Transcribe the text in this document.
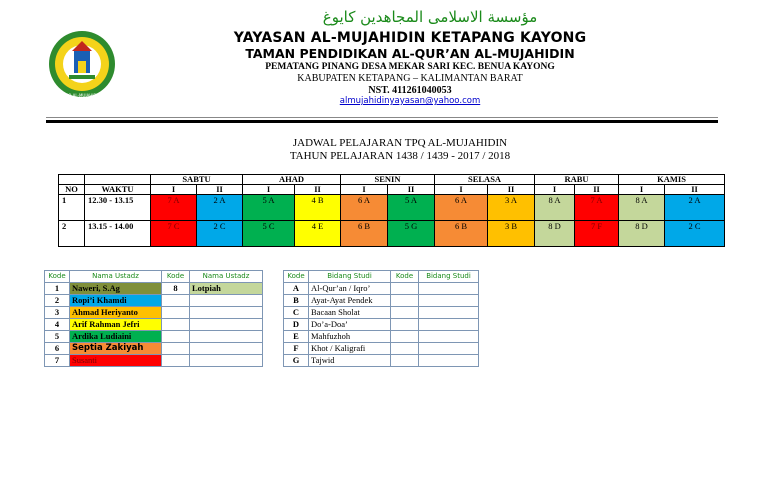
TPQ AL-MUJAHIDIN
مؤسسة الاسلامى المجاهدين كايوغ
YAYASAN AL-MUJAHIDIN KETAPANG KAYONG
TAMAN PENDIDIKAN AL-QUR’AN AL-MUJAHIDIN
PEMATANG PINANG DESA MEKAR SARI KEC. BENUA KAYONG
KABUPATEN KETAPANG – KALIMANTAN BARAT
NST. 411261040053
almujahidinyayasan@yahoo.com
JADWAL PELAJARAN TPQ AL-MUJAHIDIN
TAHUN PELAJARAN 1438 / 1439 - 2017 / 2018
		SABTU		AHAD		SENIN		SELASA		RABU		KAMIS	
NO	WAKTU	I	II	I	II	I	II	I	II	I	II	I	II
1	12.30 - 13.15	7 A	2 A	5 A	4 B	6 A	5 A	6 A	3 A	8 A	7 A	8 A	2 A
2	13.15 - 14.00	7 C	2 C	5 C	4 E	6 B	5 G	6 B	3 B	8 D	7 F	8 D	2 C
Kode	Nama Ustadz	Kode	Nama Ustadz
1	Naweri, S.Ag	8	Lotpiah
2	Ropi’i Khamdi		
3	Ahmad Heriyanto		
4	Arif Rahman Jefri		
5	Ardika Ludiaini		
6	Septia Zakiyah		
7	Susanti		
Kode	Bidang Studi	Kode	Bidang Studi
A	Al-Qur’an / Iqro’		
B	Ayat-Ayat Pendek		
C	Bacaan Sholat		
D	Do’a-Doa’		
E	Mahfuzhoh		
F	Khot / Kaligrafi		
G	Tajwid		
